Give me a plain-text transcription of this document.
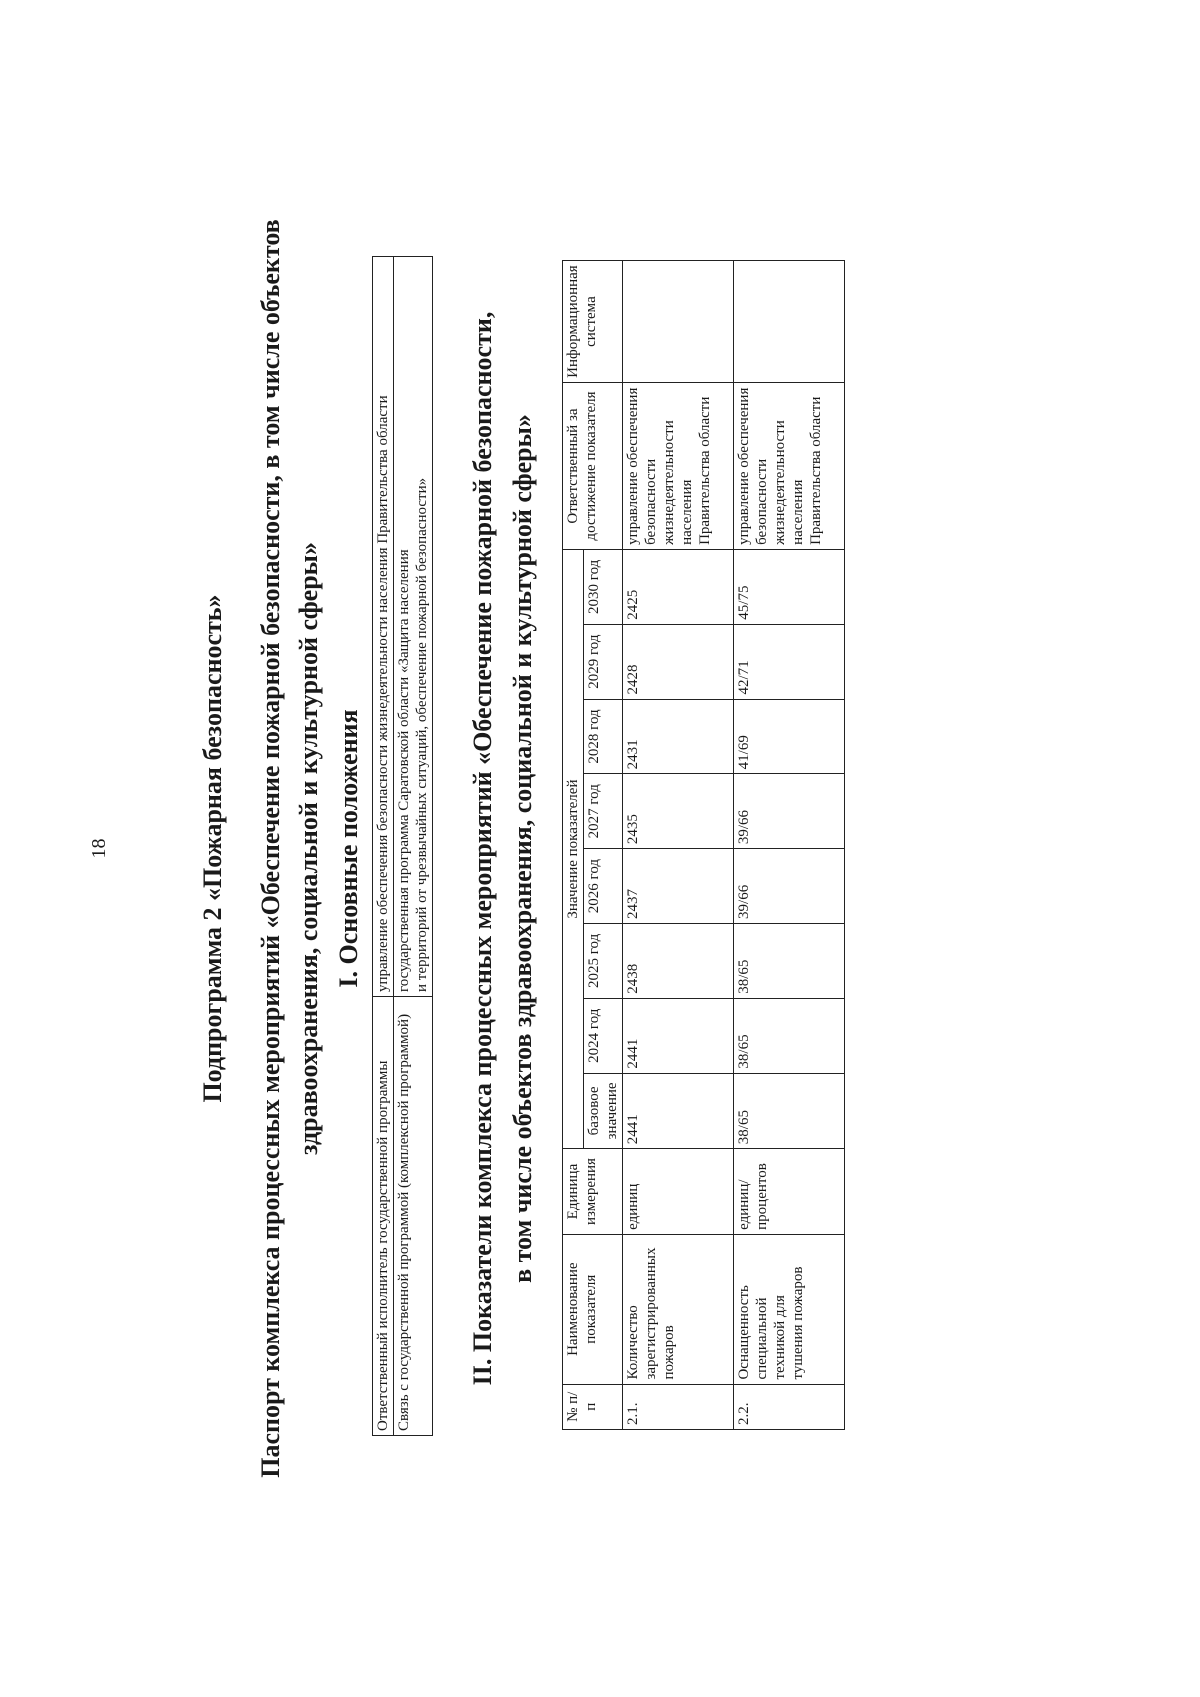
18	Подпрограмма 2 «Пожарная безопасность» Паспорт комплекса процессных мероприятий «Обеспечение пожарной безопасности, в том числе объектов здравоохранения, социальной и культурной сферы» I. Основные положения
Ответственный исполнитель государственной программы	управление обеспечения безопасности жизнедеятельности населения Правительства области
Связь с государственной программой (комплексной программой)	государственная программа Саратовской области «Защита населения и территорий от чрезвычайных ситуаций, обеспечение пожарной безопасности» II. Показатели комплекса процессных мероприятий «Обеспечение пожарной безопасности, в том числе объектов здравоохранения, социальной и культурной сферы»
№ п/п	Наименование показателя	Единица измерения	Значение показателей								Ответственный за достижение показателя	Информационная система
			базовое значение	2024 год	2025 год	2026 год	2027 год	2028 год	2029 год	2030 год		
2.1.	Количество зарегистрированных пожаров	единиц	2441	2441	2438	2437	2435	2431	2428	2425	управление обеспечения безопасности жизнедеятельности населения Правительства области	
2.2.	Оснащенность специальной техникой для тушения пожаров	единиц/ процентов	38/65	38/65	38/65	39/66	39/66	41/69	42/71	45/75	управление обеспечения безопасности жизнедеятельности населения Правительства области	
